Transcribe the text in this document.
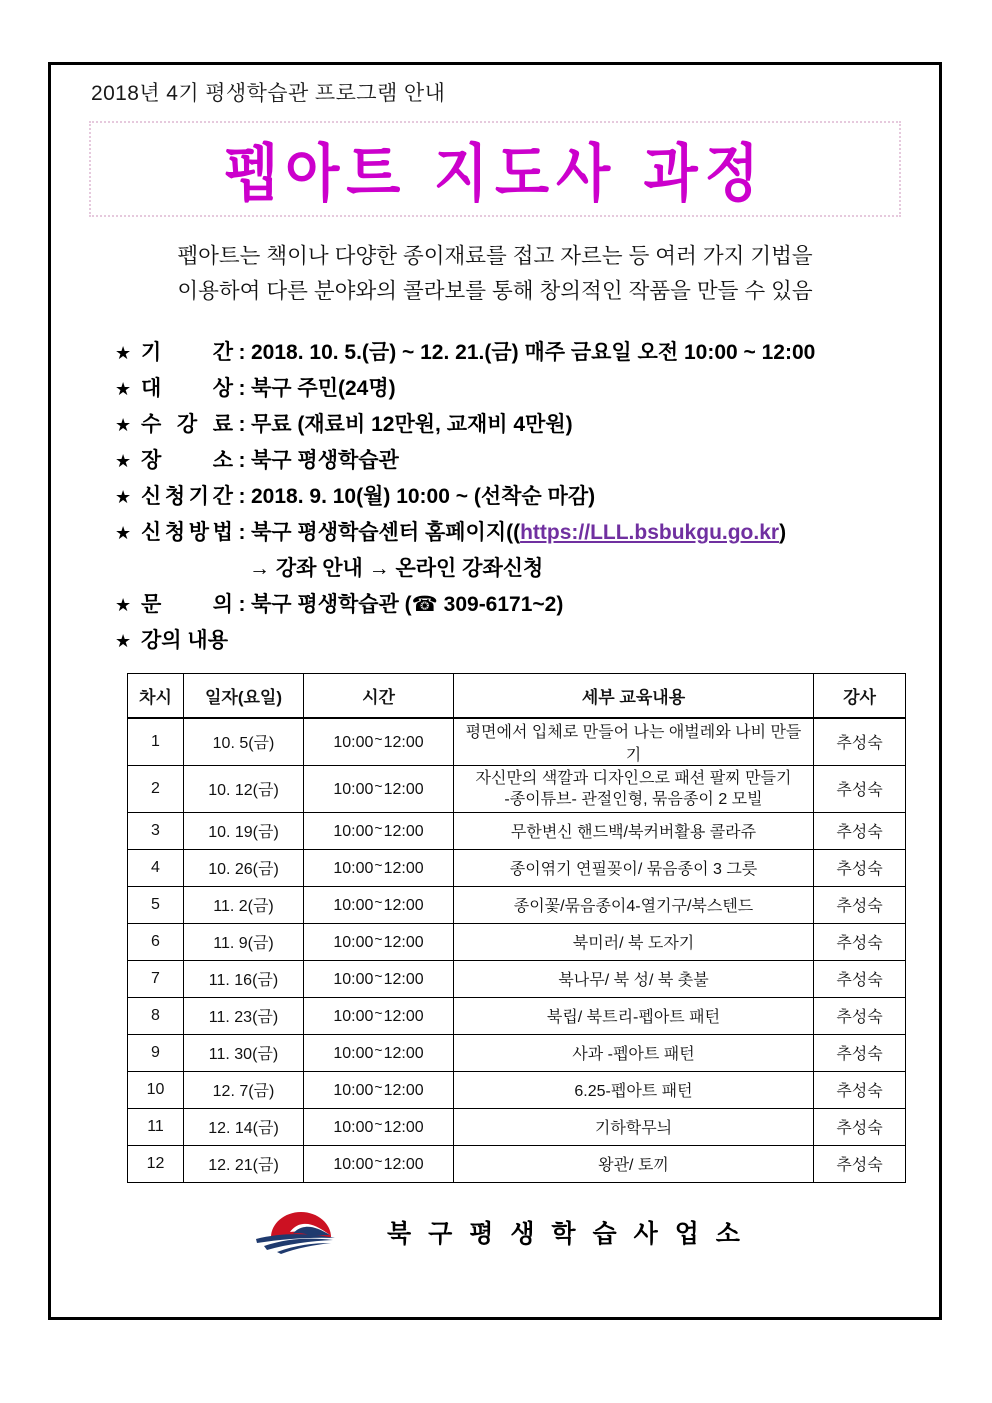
2018년 4기 평생학습관 프로그램 안내
펩아트 지도사 과정
펩아트는 책이나 다양한 종이재료를 접고 자르는 등 여러 가지 기법을
이용하여 다른 분야와의 콜라보를 통해 창의적인 작품을 만들 수 있음
★ 기 간 : 2018. 10. 5.(금) ~ 12. 21.(금) 매주 금요일 오전 10:00 ~ 12:00
★ 대 상 : 북구 주민(24명)
★ 수 강 료 : 무료 (재료비 12만원, 교재비 4만원)
★ 장 소 : 북구 평생학습관
★ 신 청 기 간 : 2018. 9. 10(월) 10:00 ~ (선착순 마감)
★ 신 청 방 법 : 북구 평생학습센터 홈페이지((https://LLL.bsbukgu.go.kr)
→ 강좌 안내 → 온라인 강좌신청
★ 문 의 : 북구 평생학습관 (☎ 309-6171~2)
★ 강의 내용
차시	일자(요일)	시간	세부 교육내용	강사
1	10. 5(금)	10:00~12:00	평면에서 입체로 만들어 나는 애벌레와 나비 만들기	추성숙
2	10. 12(금)	10:00~12:00	자신만의 색깔과 디자인으로 패션 팔찌 만들기
-종이튜브- 관절인형, 묶음종이 2 모빌	추성숙
3	10. 19(금)	10:00~12:00	무한변신 핸드백/북커버활용 콜라쥬	추성숙
4	10. 26(금)	10:00~12:00	종이엮기 연필꽂이/ 묶음종이 3 그릇	추성숙
5	11. 2(금)	10:00~12:00	종이꽃/묶음종이4-열기구/북스텐드	추성숙
6	11. 9(금)	10:00~12:00	북미러/ 북 도자기	추성숙
7	11. 16(금)	10:00~12:00	북나무/ 북 성/ 북 촛불	추성숙
8	11. 23(금)	10:00~12:00	북립/ 북트리-펩아트 패턴	추성숙
9	11. 30(금)	10:00~12:00	사과 -펩아트 패턴	추성숙
10	12. 7(금)	10:00~12:00	6.25-펩아트 패턴	추성숙
11	12. 14(금)	10:00~12:00	기하학무늬	추성숙
12	12. 21(금)	10:00~12:00	왕관/ 토끼	추성숙
북 구 평 생 학 습 사 업 소
